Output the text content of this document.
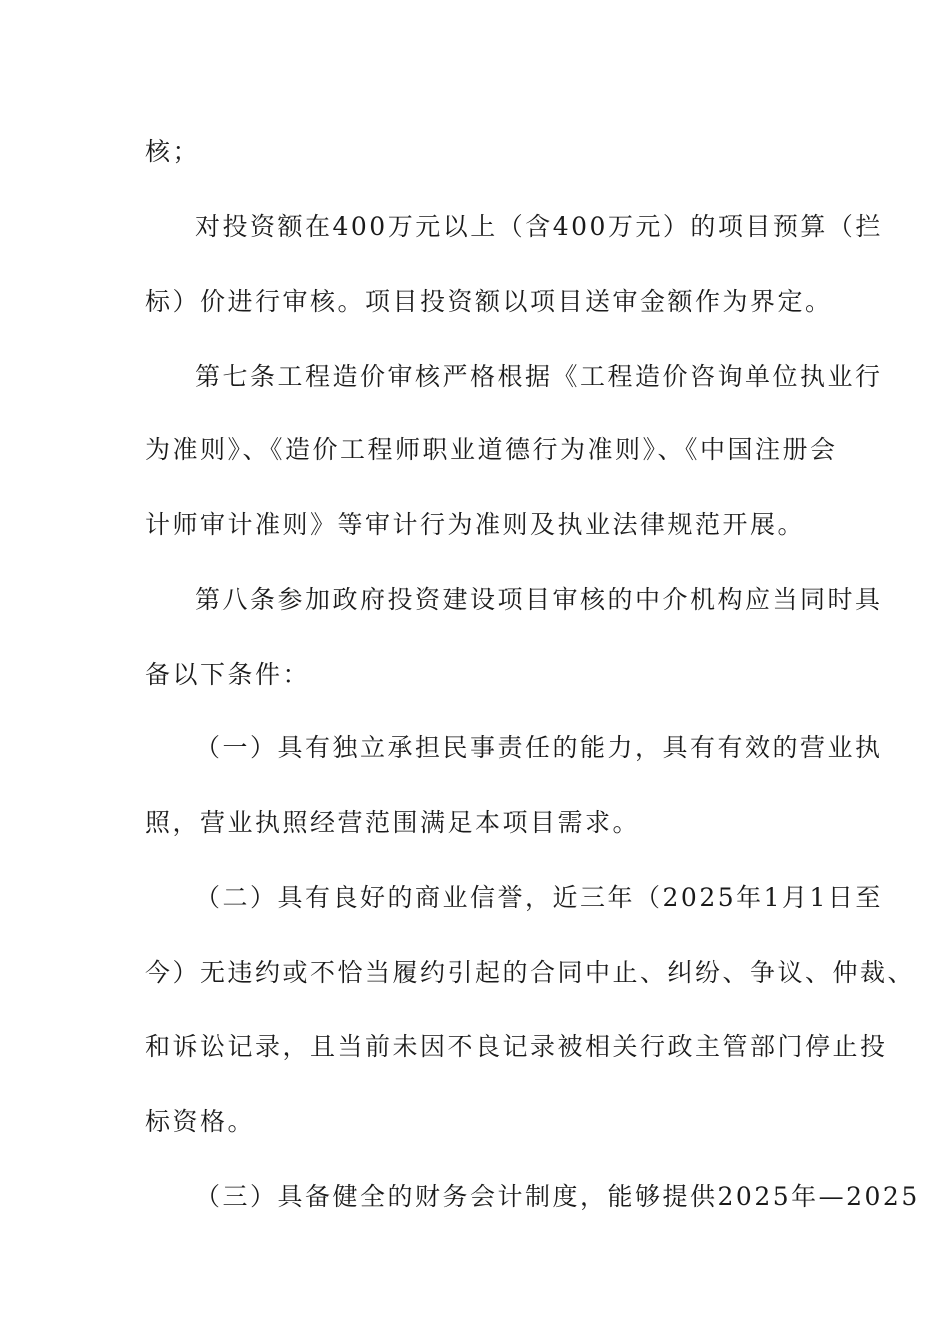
核；
对投资额在400万元以上（含400万元）的项目预算（拦
标）价进行审核。项目投资额以项目送审金额作为界定。
第七条工程造价审核严格根据《工程造价咨询单位执业行
为准则》、《造价工程师职业道德行为准则》、《中国注册会
计师审计准则》等审计行为准则及执业法律规范开展。
第八条参加政府投资建设项目审核的中介机构应当同时具
备以下条件：
（一）具有独立承担民事责任的能力，具有有效的营业执
照，营业执照经营范围满足本项目需求。
（二）具有良好的商业信誉，近三年（2025年1月1日至
今）无违约或不恰当履约引起的合同中止、纠纷、争议、仲裁、
和诉讼记录，且当前未因不良记录被相关行政主管部门停止投
标资格。
（三）具备健全的财务会计制度，能够提供2025年—2025
